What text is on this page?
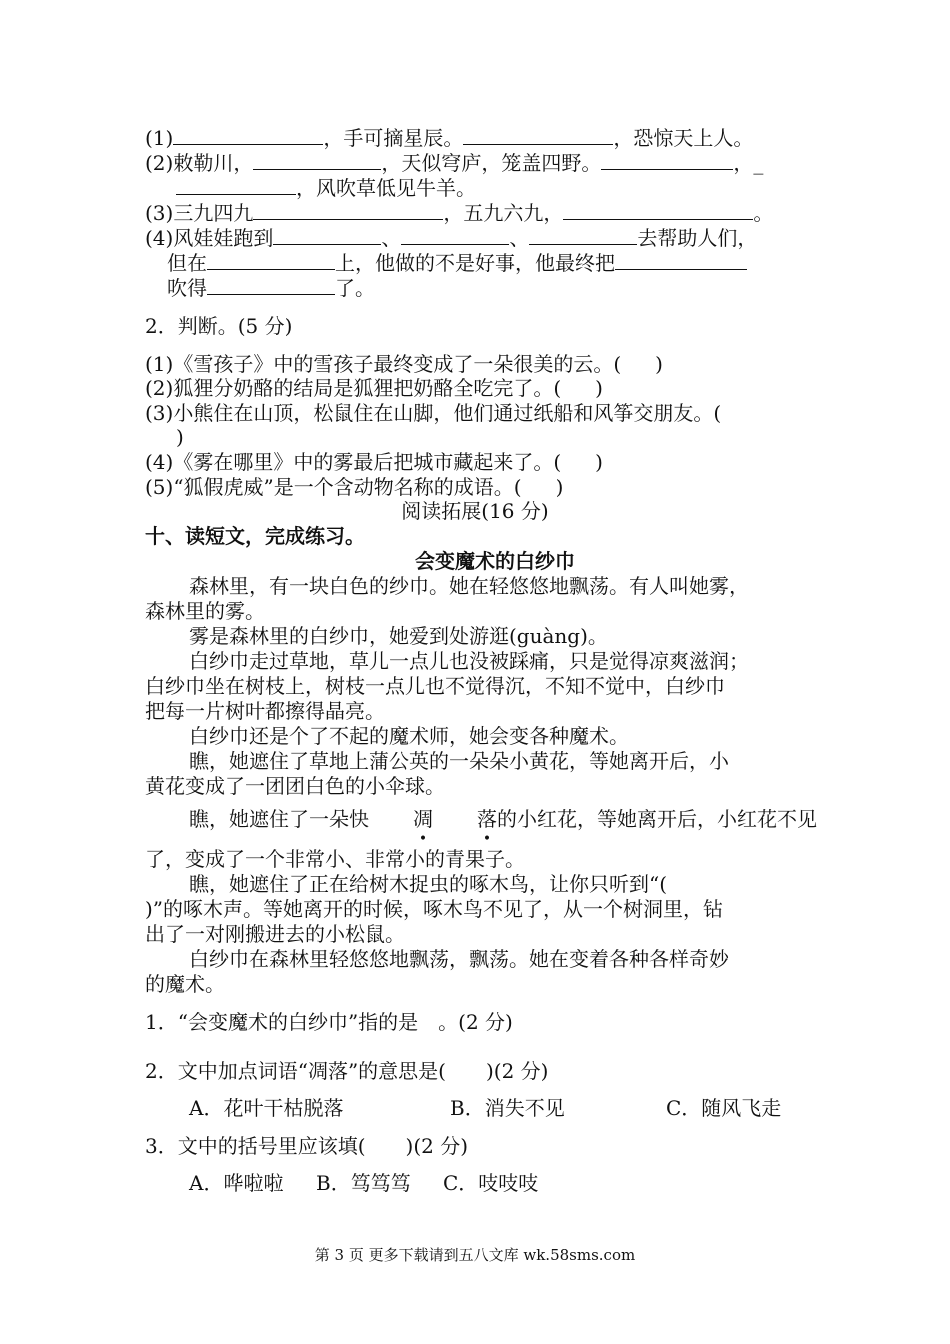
(1)	，手可摘星辰。	，恐惊天上人。
(2)敕勒川，	，天似穹庐，笼盖四野。	，_
，风吹草低见牛羊。
(3)三九四九	，五九六九，	。
(4)风娃娃跑到	、	、	去帮助人们，
但在	上，他做的不是好事，他最终把
吹得	了。
2．判断。(5 分)
(1)《雪孩子》中的雪孩子最终变成了一朵很美的云。( )
(2)狐狸分奶酪的结局是狐狸把奶酪全吃完了。( )
(3)小熊住在山顶，松鼠住在山脚，他们通过纸船和风筝交朋友。(
)
(4)《雾在哪里》中的雾最后把城市藏起来了。( )
(5)“狐假虎威”是一个含动物名称的成语。( )
阅读拓展(16 分)
十、读短文，完成练习。
会变魔术的白纱巾
森林里，有一块白色的纱巾。她在轻悠悠地飘荡。有人叫她雾，
森林里的雾。
雾是森林里的白纱巾，她爱到处游逛(guàng)。
白纱巾走过草地，草儿一点儿也没被踩痛，只是觉得凉爽滋润；
白纱巾坐在树枝上，树枝一点儿也不觉得沉，不知不觉中，白纱巾
把每一片树叶都擦得晶亮。
白纱巾还是个了不起的魔术师，她会变各种魔术。
瞧，她遮住了草地上蒲公英的一朵朵小黄花，等她离开后，小
黄花变成了一团团白色的小伞球。
瞧，她遮住了一朵快 凋 落的小红花，等她离开后，小红花不见
了，变成了一个非常小、非常小的青果子。
瞧，她遮住了正在给树木捉虫的啄木鸟，让你只听到“(
)”的啄木声。等她离开的时候，啄木鸟不见了，从一个树洞里，钻
出了一对刚搬进去的小松鼠。
白纱巾在森林里轻悠悠地飘荡，飘荡。她在变着各种各样奇妙
的魔术。
1．“会变魔术的白纱巾”指的是　。(2 分)
2．文中加点词语“凋落”的意思是(　　)(2 分)
A．花叶干枯脱落	B．消失不见	C．随风飞走
3．文中的括号里应该填(　　)(2 分)
A．哗啦啦 B．笃笃笃 C．吱吱吱
第 3 页 更多下载请到五八文库 wk.58sms.com
